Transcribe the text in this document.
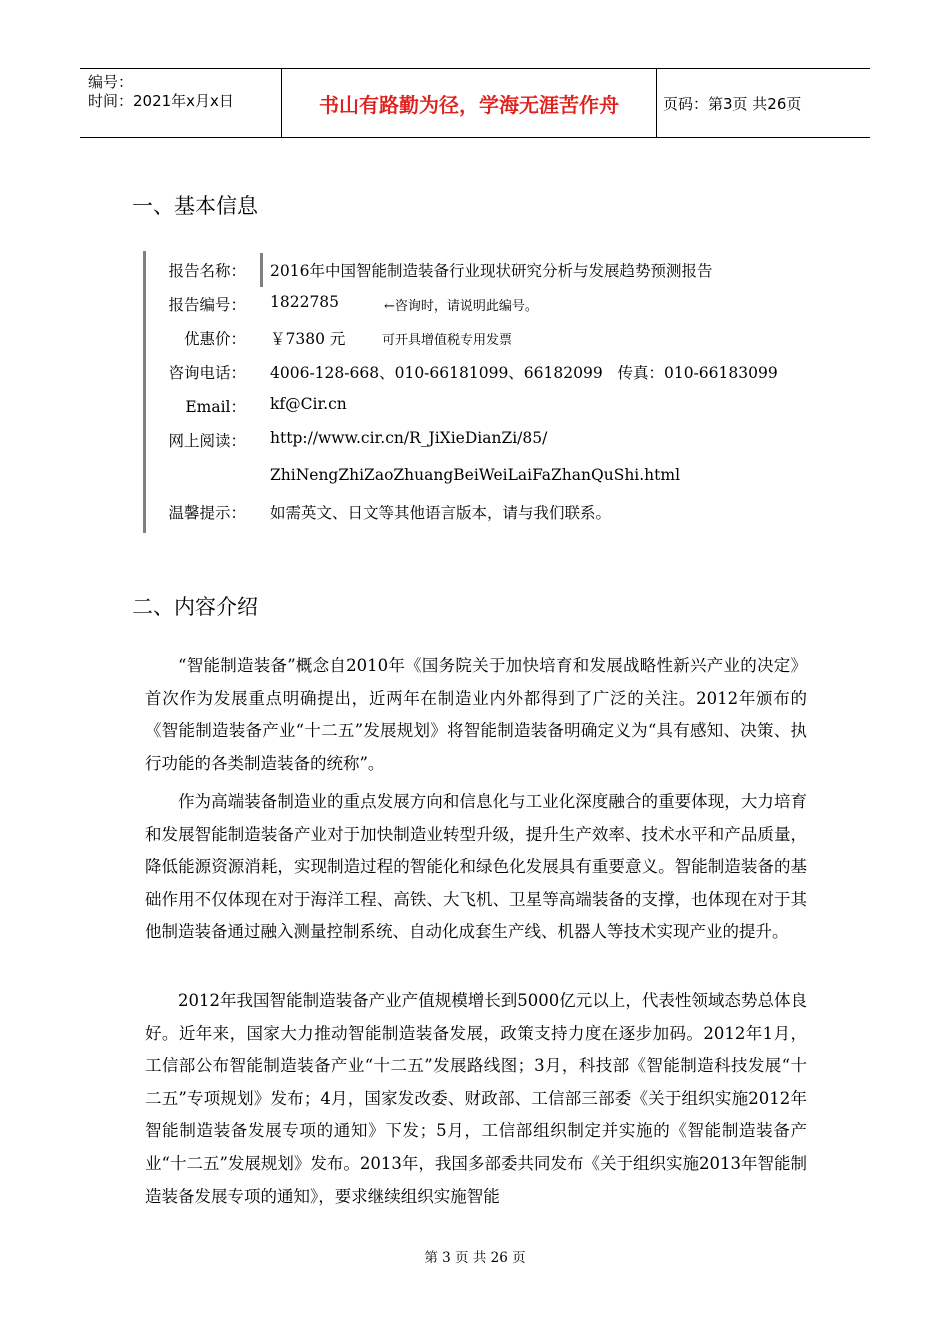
编号：
时间：2021年x月x日	书山有路勤为径，学海无涯苦作舟	页码：第3页 共26页
一、基本信息
报告名称： 2016年中国智能制造装备行业现状研究分析与发展趋势预测报告
报告编号： 1822785	←咨询时，请说明此编号。
优惠价： ￥7380 元	可开具增值税专用发票
咨询电话： 4006-128-668、010-66181099、66182099   传真：010-66183099
Email： kf@Cir.cn
网上阅读： http://www.cir.cn/R_JiXieDianZi/85/
ZhiNengZhiZaoZhuangBeiWeiLaiFaZhanQuShi.html
温馨提示： 如需英文、日文等其他语言版本，请与我们联系。
二、内容介绍

“智能制造装备”概念自2010年《国务院关于加快培育和发展战略性新兴产业的决定》首次作为发展重点明确提出，近两年在制造业内外都得到了广泛的关注。2012年颁布的《智能制造装备产业“十二五”发展规划》将智能制造装备明确定义为“具有感知、决策、执行功能的各类制造装备的统称”。

作为高端装备制造业的重点发展方向和信息化与工业化深度融合的重要体现，大力培育和发展智能制造装备产业对于加快制造业转型升级，提升生产效率、技术水平和产品质量，降低能源资源消耗，实现制造过程的智能化和绿色化发展具有重要意义。智能制造装备的基础作用不仅体现在对于海洋工程、高铁、大飞机、卫星等高端装备的支撑，也体现在对于其他制造装备通过融入测量控制系统、自动化成套生产线、机器人等技术实现产业的提升。

2012年我国智能制造装备产业产值规模增长到5000亿元以上，代表性领域态势总体良好。近年来，国家大力推动智能制造装备发展，政策支持力度在逐步加码。2012年1月，工信部公布智能制造装备产业“十二五”发展路线图；3月，科技部《智能制造科技发展“十二五”专项规划》发布；4月，国家发改委、财政部、工信部三部委《关于组织实施2012年智能制造装备发展专项的通知》下发；5月，工信部组织制定并实施的《智能制造装备产业“十二五”发展规划》发布。2013年，我国多部委共同发布《关于组织实施2013年智能制造装备发展专项的通知》，要求继续组织实施智能

第 3 页 共 26 页
